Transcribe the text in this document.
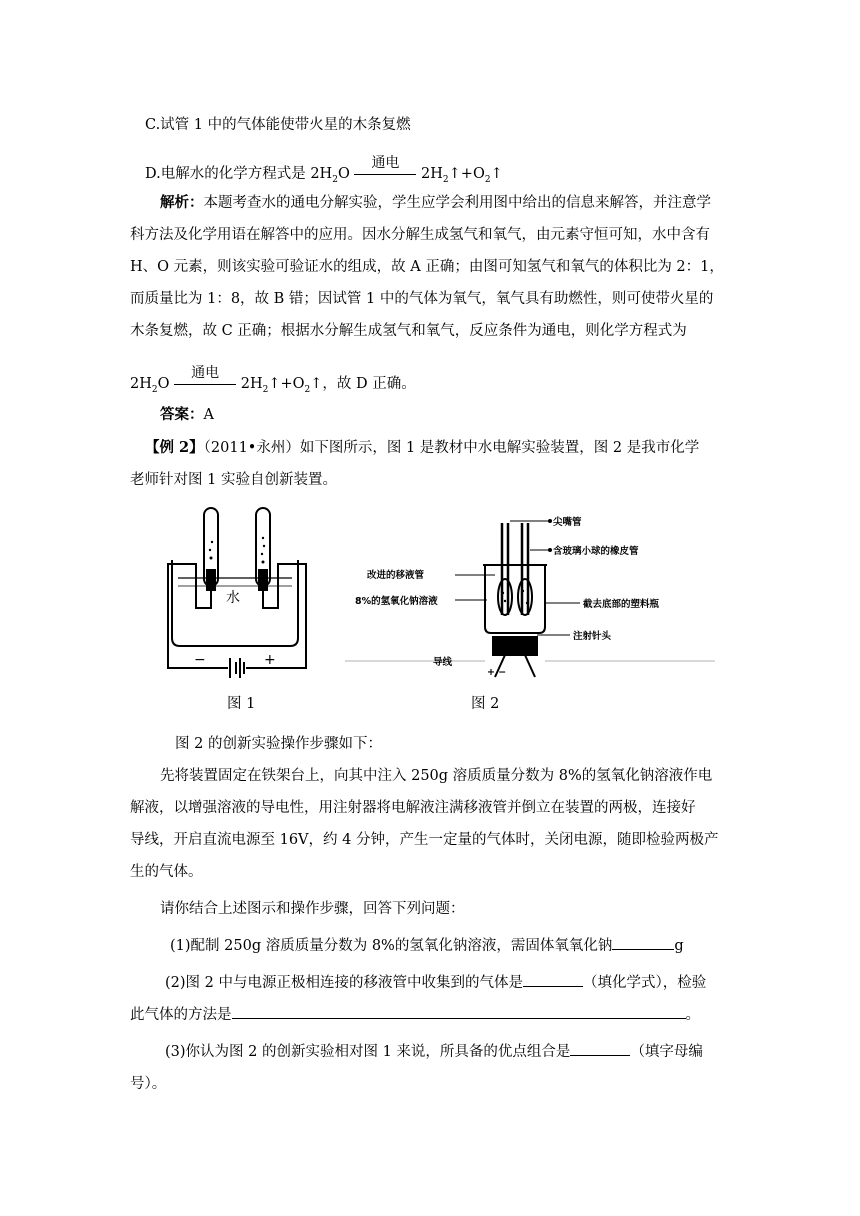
C.试管 1 中的气体能使带火星的木条复燃
D.电解水的化学方程式是 $2H_2O$
通电
$2H_2↑+O_2↑$
解析：本题考查水的通电分解实验，学生应学会利用图中给出的信息来解答，并注意学
科方法及化学用语在解答中的应用。因水分解生成氢气和氧气，由元素守恒可知，水中含有
H、O 元素，则该实验可验证水的组成，故 A 正确；由图可知氢气和氧气的体积比为 2：1，
而质量比为 1：8，故 B 错；因试管 1 中的气体为氧气，氧气具有助燃性，则可使带火星的
木条复燃，故 C 正确；根据水分解生成氢气和氧气，反应条件为通电，则化学方程式为
$2H_2O$
通电
$2H_2↑+O_2↑$，故 D 正确。
答案：A
【例 2】（2011•永州）如下图所示，图 1 是教材中水电解实验装置，图 2 是我市化学
老师针对图 1 实验自创新装置。
水
−	+
图 1
尖嘴管
含玻璃小球的橡皮管
改进的移液管
8%的氢氧化钠溶液	截去底部的塑料瓶
注射针头
导线
+ −
图 2
图 2 的创新实验操作步骤如下：
先将装置固定在铁架台上，向其中注入 250g 溶质质量分数为 8%的氢氧化钠溶液作电
解液，以增强溶液的导电性，用注射器将电解液注满移液管并倒立在装置的两极，连接好
导线，开启直流电源至 16V，约 4 分钟，产生一定量的气体时，关闭电源，随即检验两极产
生的气体。
请你结合上述图示和操作步骤，回答下列问题：
(1)配制 250g 溶质质量分数为 8%的氢氧化钠溶液，需固体氧氧化钠	g
(2)图 2 中与电源正极相连接的移液管中收集到的气体是	（填化学式），检验
此气体的方法是	。
(3)你认为图 2 的创新实验相对图 1 来说，所具备的优点组合是	（填字母编
号）。
